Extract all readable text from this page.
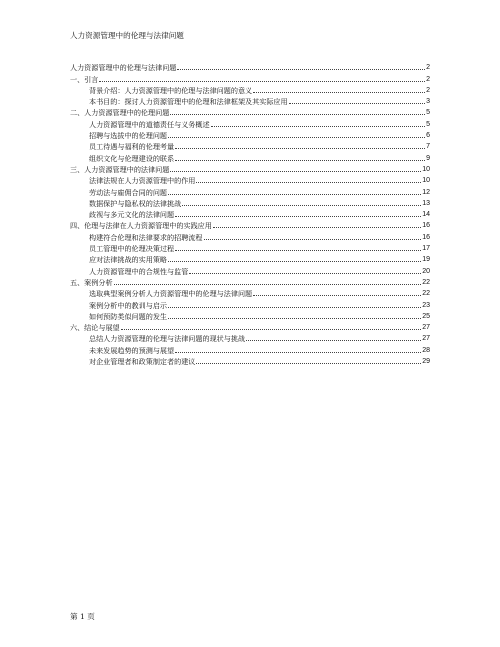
人力资源管理中的伦理与法律问题
人力资源管理中的伦理与法律问题	2
一、引言	2
背景介绍：人力资源管理中的伦理与法律问题的意义	2
本书目的：探讨人力资源管理中的伦理和法律框架及其实际应用	3
二、人力资源管理中的伦理问题	5
人力资源管理中的道德责任与义务概述	5
招聘与选拔中的伦理问题	6
员工待遇与福利的伦理考量	7
组织文化与伦理建设的联系	9
三、人力资源管理中的法律问题	10
法律法规在人力资源管理中的作用	10
劳动法与雇佣合同的问题	12
数据保护与隐私权的法律挑战	13
歧视与多元文化的法律问题	14
四、伦理与法律在人力资源管理中的实践应用	16
构建符合伦理和法律要求的招聘流程	16
员工管理中的伦理决策过程	17
应对法律挑战的实用策略	19
人力资源管理中的合规性与监管	20
五、案例分析	22
选取典型案例分析人力资源管理中的伦理与法律问题	22
案例分析中的教训与启示	23
如何预防类似问题的发生	25
六、结论与展望	27
总结人力资源管理的伦理与法律问题的现状与挑战	27
未来发展趋势的预测与展望	28
对企业管理者和政策制定者的建议	29
第 1 页
